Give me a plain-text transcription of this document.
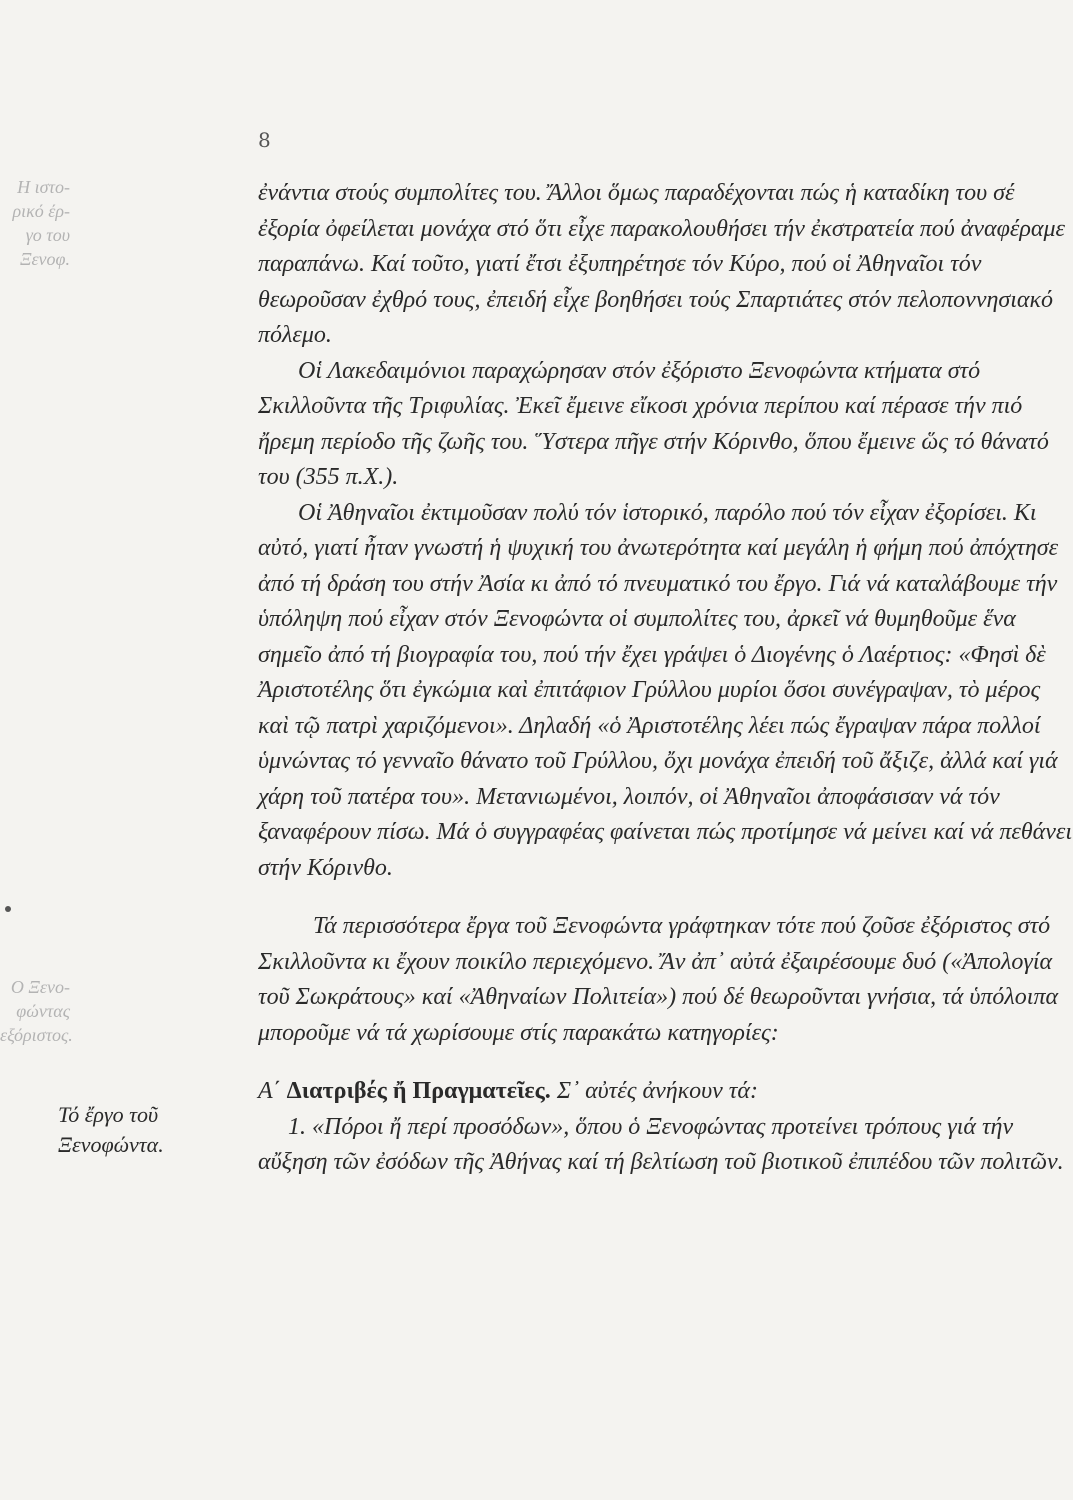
8
Η ιστο-
ρικό έρ-
γο του
Ξενοφ.
Ο Ξενο-
φώντας
εξόριστος.
Τό ἔργο τοῦ
Ξενοφώντα.

ἐνάντια στούς συμπολίτες του. Ἄλλοι ὅμως παραδέχονται πώς ἡ καταδίκη του σέ ἐξορία ὀφείλεται μονάχα στό ὅτι εἶχε παρακολουθήσει τήν ἐκστρατεία πού ἀναφέραμε παραπάνω. Καί τοῦτο, γιατί ἔτσι ἐξυπηρέτησε τόν Κύρο, πού οἱ Ἀθηναῖοι τόν θεωροῦσαν ἐχθρό τους, ἐπειδή εἶχε βοηθήσει τούς Σπαρτιάτες στόν πελοποννησιακό πόλεμο.

Οἱ Λακεδαιμόνιοι παραχώρησαν στόν ἐξόριστο Ξενοφώντα κτήματα στό Σκιλλοῦντα τῆς Τριφυλίας. Ἐκεῖ ἔμεινε εἴκοσι χρόνια περίπου καί πέρασε τήν πιό ἤρεμη περίοδο τῆς ζωῆς του. Ὕστερα πῆγε στήν Κόρινθο, ὅπου ἔμεινε ὥς τό θάνατό του (355 π.Χ.).

Οἱ Ἀθηναῖοι ἐκτιμοῦσαν πολύ τόν ἱστορικό, παρόλο πού τόν εἶχαν ἐξορίσει. Κι αὐτό, γιατί ἦταν γνωστή ἡ ψυχική του ἀνωτερότητα καί μεγάλη ἡ φήμη πού ἀπόχτησε ἀπό τή δράση του στήν Ἀσία κι ἀπό τό πνευματικό του ἔργο. Γιά νά καταλάβουμε τήν ὑπόληψη πού εἶχαν στόν Ξενοφώντα οἱ συμπολίτες του, ἀρκεῖ νά θυμηθοῦμε ἕνα σημεῖο ἀπό τή βιογραφία του, πού τήν ἔχει γράψει ὁ Διογένης ὁ Λαέρτιος: «Φησὶ δὲ Ἀριστοτέλης ὅτι ἐγκώμια καὶ ἐπιτάφιον Γρύλλου μυρίοι ὅσοι συνέγραψαν, τὸ μέρος καὶ τῷ πατρὶ χαριζόμενοι». Δηλαδή «ὁ Ἀριστοτέλης λέει πώς ἔγραψαν πάρα πολλοί ὑμνώντας τό γενναῖο θάνατο τοῦ Γρύλλου, ὄχι μονάχα ἐπειδή τοῦ ἄξιζε, ἀλλά καί γιά χάρη τοῦ πατέρα του». Μετανιωμένοι, λοιπόν, οἱ Ἀθηναῖοι ἀποφάσισαν νά τόν ξαναφέρουν πίσω. Μά ὁ συγγραφέας φαίνεται πώς προτίμησε νά μείνει καί νά πεθάνει στήν Κόρινθο.

Τά περισσότερα ἔργα τοῦ Ξενοφώντα γράφτηκαν τότε πού ζοῦσε ἐξόριστος στό Σκιλλοῦντα κι ἔχουν ποικίλο περιεχόμενο. Ἄν ἀπ᾽ αὐτά ἐξαιρέσουμε δυό («Ἀπολογία τοῦ Σωκράτους» καί «Ἀθηναίων Πολιτεία») πού δέ θεωροῦνται γνήσια, τά ὑπόλοιπα μποροῦμε νά τά χωρίσουμε στίς παρακάτω κατηγορίες:

Α΄ Διατριβές ἤ Πραγματεῖες. Σ᾽ αὐτές ἀνήκουν τά:

1. «Πόροι ἤ περί προσόδων», ὅπου ὁ Ξενοφώντας προτείνει τρόπους γιά τήν αὔξηση τῶν ἐσόδων τῆς Ἀθήνας καί τή βελτίωση τοῦ βιοτικοῦ ἐπιπέδου τῶν πολιτῶν.
